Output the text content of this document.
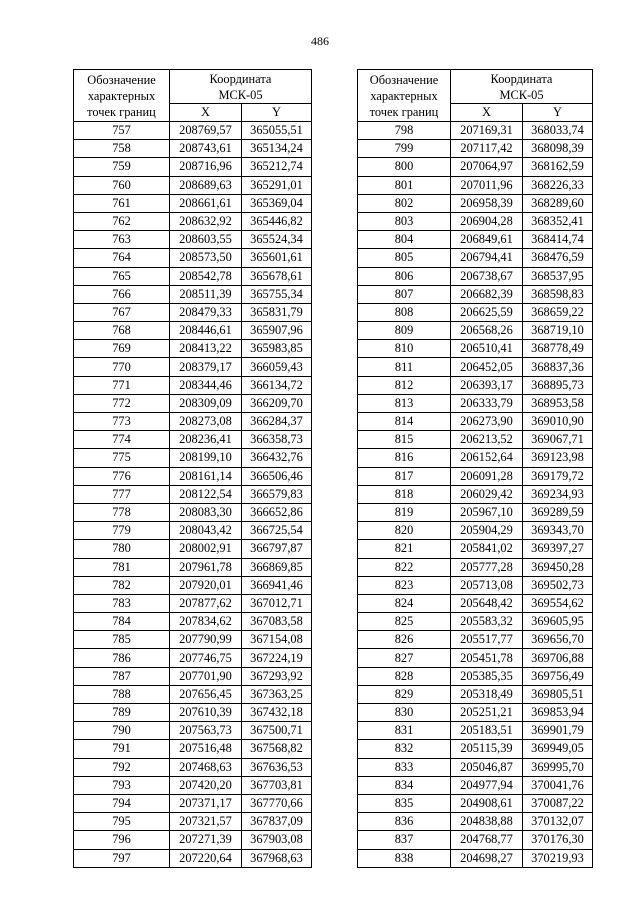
486
Обозначение
характерных
точек границ	Координата
МСК-05	
	X	Y
757	208769,57	365055,51
758	208743,61	365134,24
759	208716,96	365212,74
760	208689,63	365291,01
761	208661,61	365369,04
762	208632,92	365446,82
763	208603,55	365524,34
764	208573,50	365601,61
765	208542,78	365678,61
766	208511,39	365755,34
767	208479,33	365831,79
768	208446,61	365907,96
769	208413,22	365983,85
770	208379,17	366059,43
771	208344,46	366134,72
772	208309,09	366209,70
773	208273,08	366284,37
774	208236,41	366358,73
775	208199,10	366432,76
776	208161,14	366506,46
777	208122,54	366579,83
778	208083,30	366652,86
779	208043,42	366725,54
780	208002,91	366797,87
781	207961,78	366869,85
782	207920,01	366941,46
783	207877,62	367012,71
784	207834,62	367083,58
785	207790,99	367154,08
786	207746,75	367224,19
787	207701,90	367293,92
788	207656,45	367363,25
789	207610,39	367432,18
790	207563,73	367500,71
791	207516,48	367568,82
792	207468,63	367636,53
793	207420,20	367703,81
794	207371,17	367770,66
795	207321,57	367837,09
796	207271,39	367903,08
797	207220,64	367968,63
Обозначение
характерных
точек границ	Координата
МСК-05	
	X	Y
798	207169,31	368033,74
799	207117,42	368098,39
800	207064,97	368162,59
801	207011,96	368226,33
802	206958,39	368289,60
803	206904,28	368352,41
804	206849,61	368414,74
805	206794,41	368476,59
806	206738,67	368537,95
807	206682,39	368598,83
808	206625,59	368659,22
809	206568,26	368719,10
810	206510,41	368778,49
811	206452,05	368837,36
812	206393,17	368895,73
813	206333,79	368953,58
814	206273,90	369010,90
815	206213,52	369067,71
816	206152,64	369123,98
817	206091,28	369179,72
818	206029,42	369234,93
819	205967,10	369289,59
820	205904,29	369343,70
821	205841,02	369397,27
822	205777,28	369450,28
823	205713,08	369502,73
824	205648,42	369554,62
825	205583,32	369605,95
826	205517,77	369656,70
827	205451,78	369706,88
828	205385,35	369756,49
829	205318,49	369805,51
830	205251,21	369853,94
831	205183,51	369901,79
832	205115,39	369949,05
833	205046,87	369995,70
834	204977,94	370041,76
835	204908,61	370087,22
836	204838,88	370132,07
837	204768,77	370176,30
838	204698,27	370219,93
